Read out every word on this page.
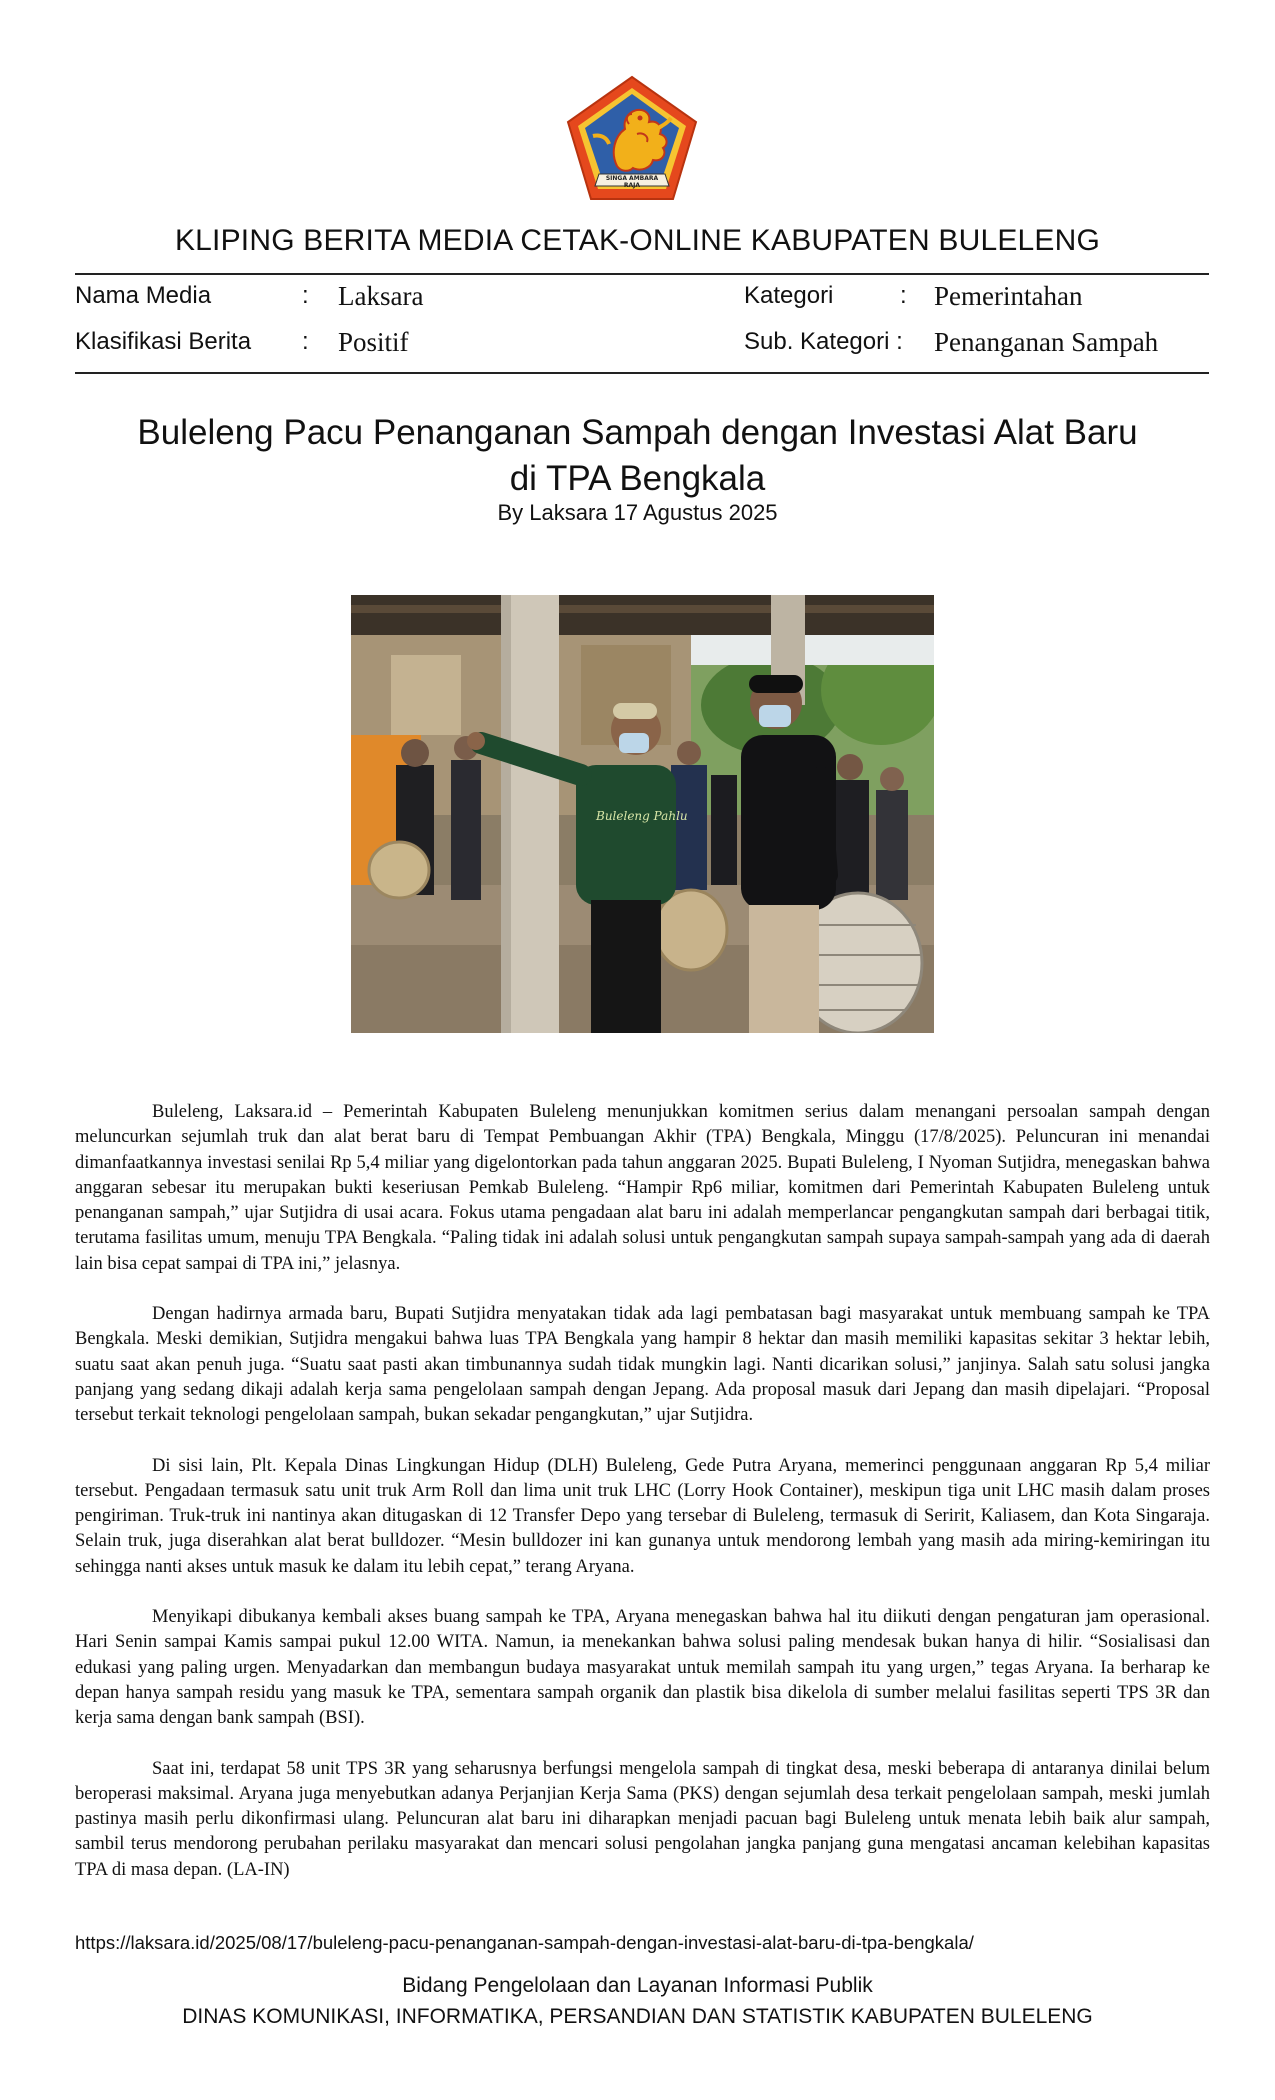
SINGA AMBARA RAJA
KLIPING BERITA MEDIA CETAK-ONLINE KABUPATEN BULELENG
Nama Media	: Laksara	Kategori	: Pemerintahan
Klasifikasi Berita : Positif	Sub. Kategori : Penanganan Sampah
Buleleng Pacu Penanganan Sampah dengan Investasi Alat Baru
di TPA Bengkala
By Laksara 17 Agustus 2025
Buleleng Pahlu

Buleleng, Laksara.id – Pemerintah Kabupaten Buleleng menunjukkan komitmen serius dalam menangani persoalan sampah dengan meluncurkan sejumlah truk dan alat berat baru di Tempat Pembuangan Akhir (TPA) Bengkala, Minggu (17/8/2025). Peluncuran ini menandai dimanfaatkannya investasi senilai Rp 5,4 miliar yang digelontorkan pada tahun anggaran 2025. Bupati Buleleng, I Nyoman Sutjidra, menegaskan bahwa anggaran sebesar itu merupakan bukti keseriusan Pemkab Buleleng. “Hampir Rp6 miliar, komitmen dari Pemerintah Kabupaten Buleleng untuk penanganan sampah,” ujar Sutjidra di usai acara. Fokus utama pengadaan alat baru ini adalah memperlancar pengangkutan sampah dari berbagai titik, terutama fasilitas umum, menuju TPA Bengkala. “Paling tidak ini adalah solusi untuk pengangkutan sampah supaya sampah-sampah yang ada di daerah lain bisa cepat sampai di TPA ini,” jelasnya.

Dengan hadirnya armada baru, Bupati Sutjidra menyatakan tidak ada lagi pembatasan bagi masyarakat untuk membuang sampah ke TPA Bengkala. Meski demikian, Sutjidra mengakui bahwa luas TPA Bengkala yang hampir 8 hektar dan masih memiliki kapasitas sekitar 3 hektar lebih, suatu saat akan penuh juga. “Suatu saat pasti akan timbunannya sudah tidak mungkin lagi. Nanti dicarikan solusi,” janjinya. Salah satu solusi jangka panjang yang sedang dikaji adalah kerja sama pengelolaan sampah dengan Jepang. Ada proposal masuk dari Jepang dan masih dipelajari. “Proposal tersebut terkait teknologi pengelolaan sampah, bukan sekadar pengangkutan,” ujar Sutjidra.

Di sisi lain, Plt. Kepala Dinas Lingkungan Hidup (DLH) Buleleng, Gede Putra Aryana, memerinci penggunaan anggaran Rp 5,4 miliar tersebut. Pengadaan termasuk satu unit truk Arm Roll dan lima unit truk LHC (Lorry Hook Container), meskipun tiga unit LHC masih dalam proses pengiriman. Truk-truk ini nantinya akan ditugaskan di 12 Transfer Depo yang tersebar di Buleleng, termasuk di Seririt, Kaliasem, dan Kota Singaraja. Selain truk, juga diserahkan alat berat bulldozer. “Mesin bulldozer ini kan gunanya untuk mendorong lembah yang masih ada miring-kemiringan itu sehingga nanti akses untuk masuk ke dalam itu lebih cepat,” terang Aryana.

Menyikapi dibukanya kembali akses buang sampah ke TPA, Aryana menegaskan bahwa hal itu diikuti dengan pengaturan jam operasional. Hari Senin sampai Kamis sampai pukul 12.00 WITA. Namun, ia menekankan bahwa solusi paling mendesak bukan hanya di hilir. “Sosialisasi dan edukasi yang paling urgen. Menyadarkan dan membangun budaya masyarakat untuk memilah sampah itu yang urgen,” tegas Aryana. Ia berharap ke depan hanya sampah residu yang masuk ke TPA, sementara sampah organik dan plastik bisa dikelola di sumber melalui fasilitas seperti TPS 3R dan kerja sama dengan bank sampah (BSI).

Saat ini, terdapat 58 unit TPS 3R yang seharusnya berfungsi mengelola sampah di tingkat desa, meski beberapa di antaranya dinilai belum beroperasi maksimal. Aryana juga menyebutkan adanya Perjanjian Kerja Sama (PKS) dengan sejumlah desa terkait pengelolaan sampah, meski jumlah pastinya masih perlu dikonfirmasi ulang. Peluncuran alat baru ini diharapkan menjadi pacuan bagi Buleleng untuk menata lebih baik alur sampah, sambil terus mendorong perubahan perilaku masyarakat dan mencari solusi pengolahan jangka panjang guna mengatasi ancaman kelebihan kapasitas TPA di masa depan. (LA-IN)

https://laksara.id/2025/08/17/buleleng-pacu-penanganan-sampah-dengan-investasi-alat-baru-di-tpa-bengkala/
Bidang Pengelolaan dan Layanan Informasi Publik
DINAS KOMUNIKASI, INFORMATIKA, PERSANDIAN DAN STATISTIK KABUPATEN BULELENG
